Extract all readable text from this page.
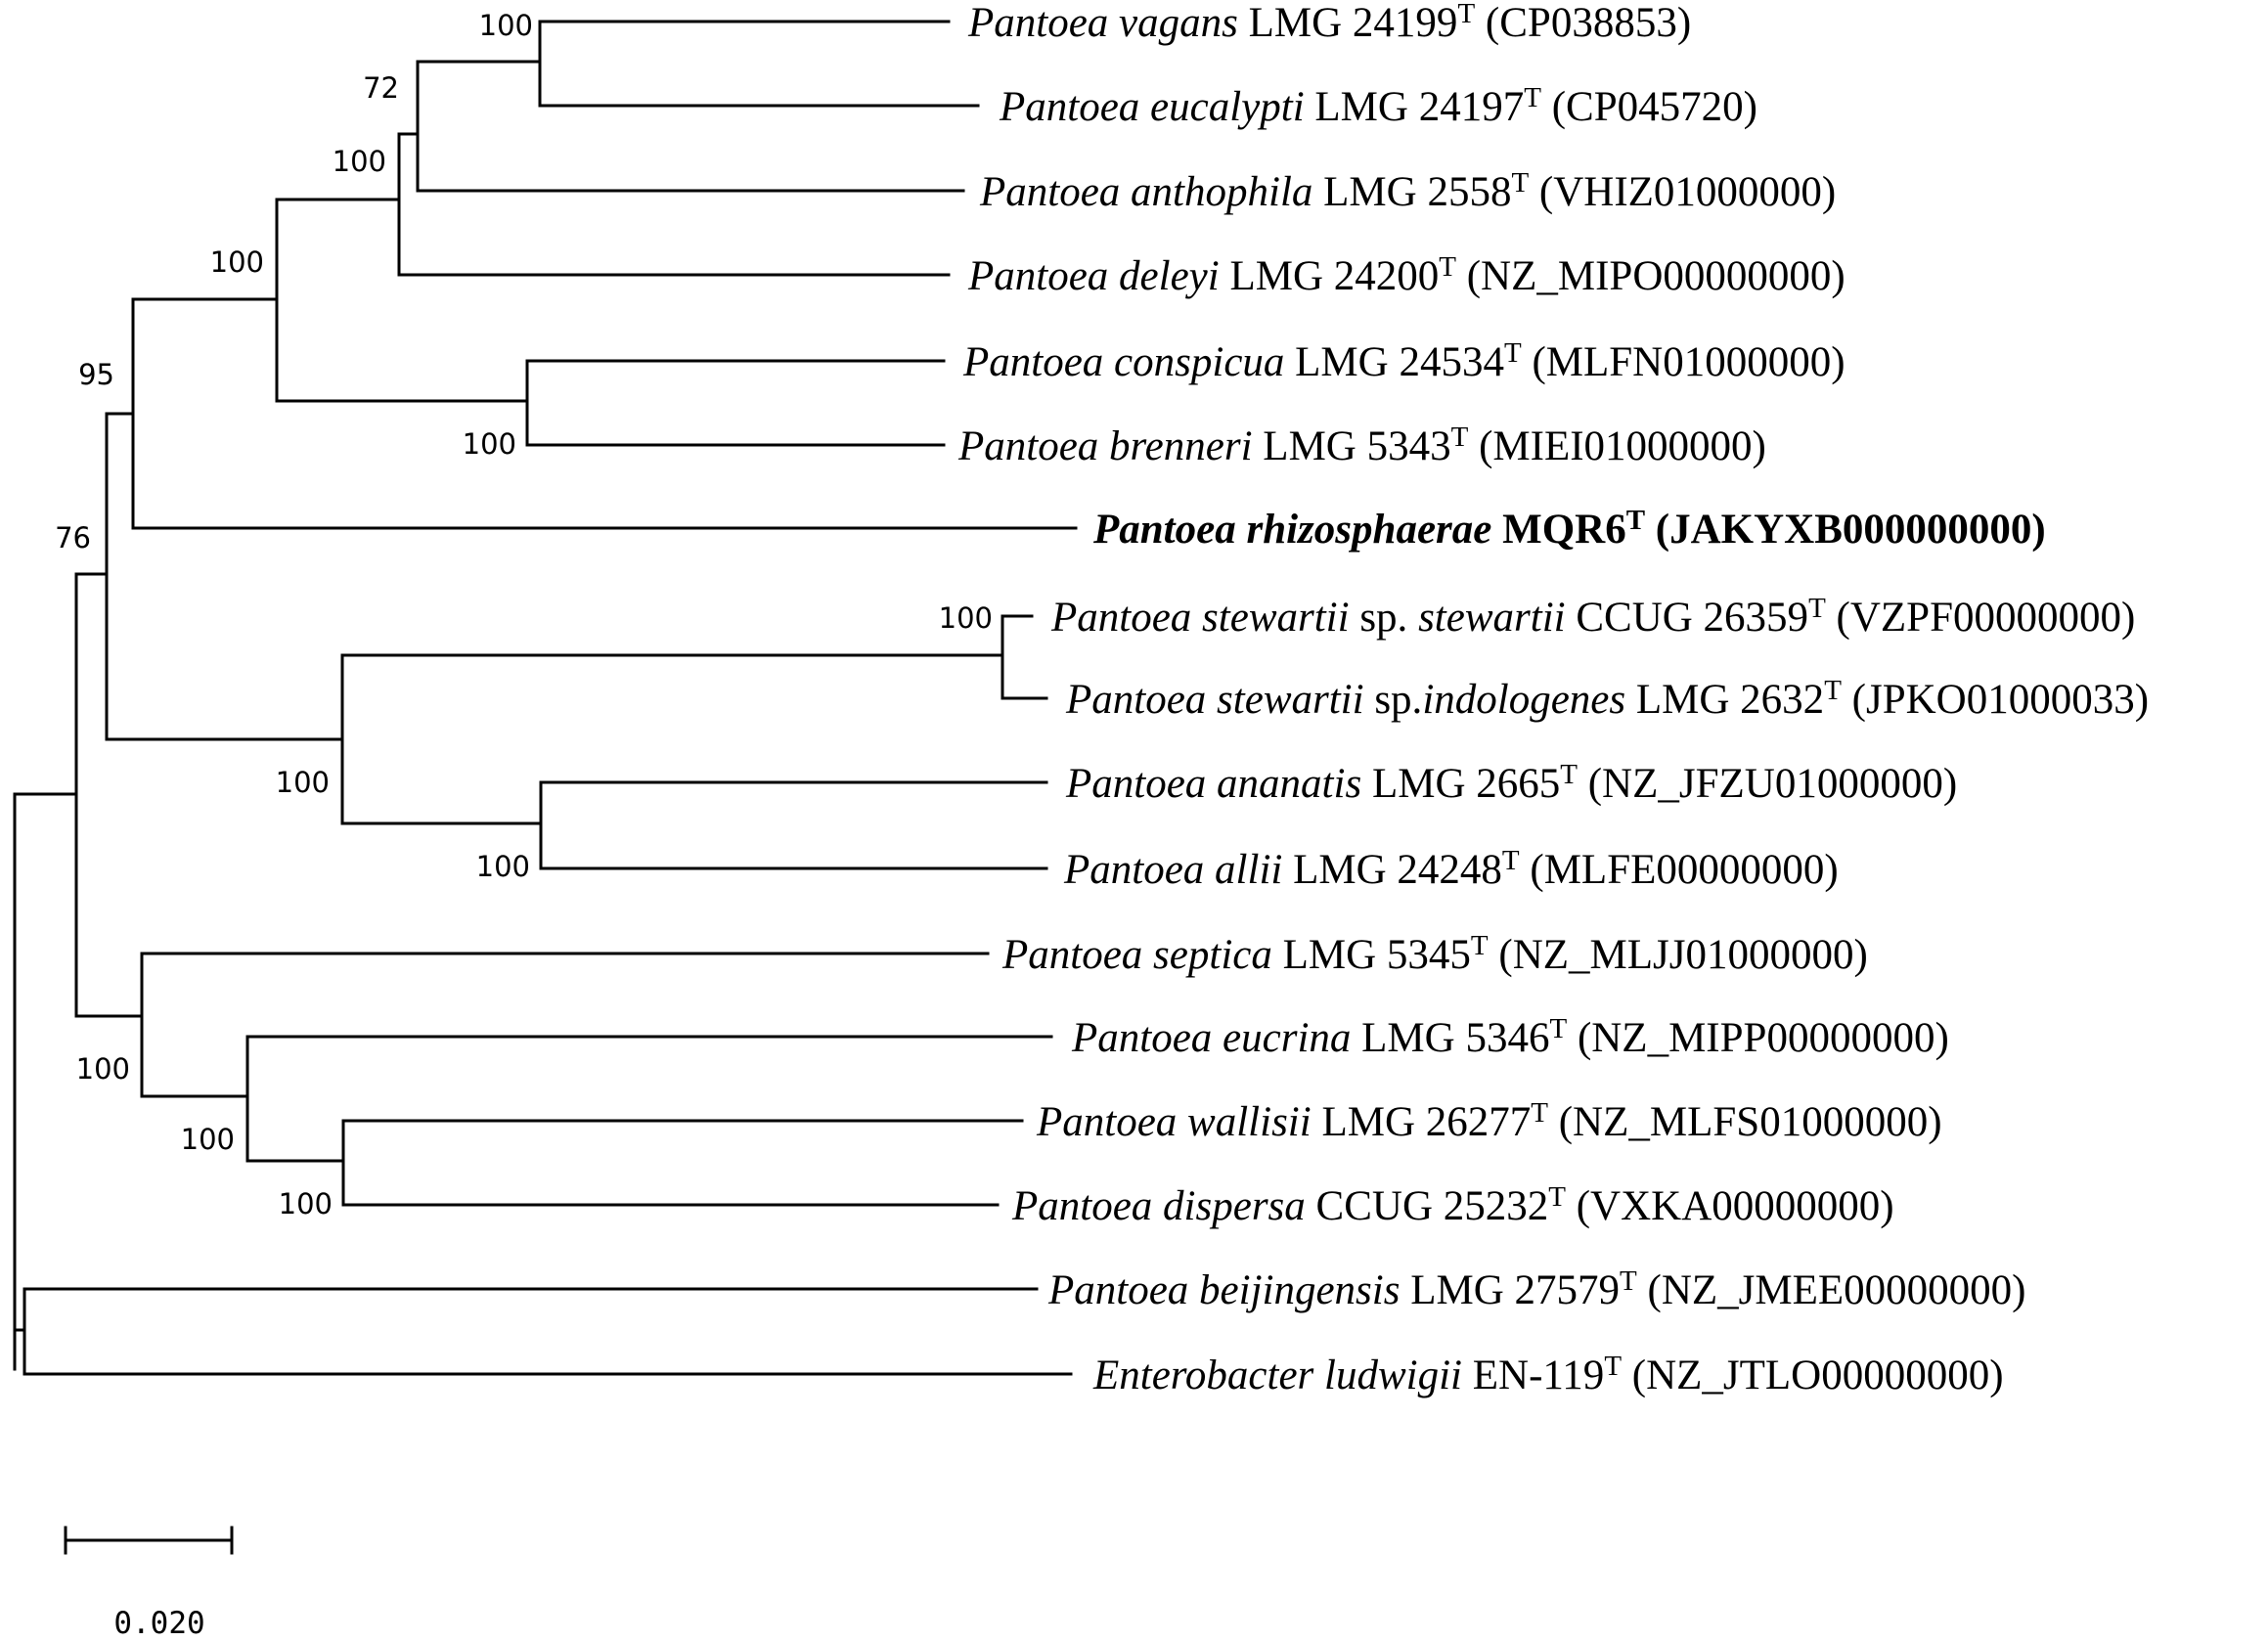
100
72
100
100
95
76
100
100
100
100
100
100
100
Pantoea vagans LMG $24199^T$ (CP038853)
Pantoea eucalypti LMG $24197^T$ (CP045720)
Pantoea anthophila LMG $2558^T$ (VHIZ01000000)
Pantoea deleyi LMG $24200^T$ (NZ_MIPO00000000)
Pantoea conspicua LMG $24534^T$ (MLFN01000000)
Pantoea brenneri LMG $5343^T$ (MIEI01000000)
Pantoea rhizosphaerae $MQR6^T$ (JAKYXB000000000)
Pantoea stewartii sp. stewartii CCUG $26359^T$ (VZPF00000000)
Pantoea stewartii sp.indologenes LMG $2632^T$ (JPKO01000033)
Pantoea ananatis LMG $2665^T$ (NZ_JFZU01000000)
Pantoea allii LMG $24248^T$ (MLFE00000000)
Pantoea septica LMG $5345^T$ (NZ_MLJJ01000000)
Pantoea eucrina LMG $5346^T$ (NZ_MIPP00000000)
Pantoea wallisii LMG $26277^T$ (NZ_MLFS01000000)
Pantoea dispersa CCUG $25232^T$ (VXKA00000000)
Pantoea beijingensis LMG $27579^T$ (NZ_JMEE00000000)
Enterobacter ludwigii $EN-119^T$ (NZ_JTLO00000000)
0.020
